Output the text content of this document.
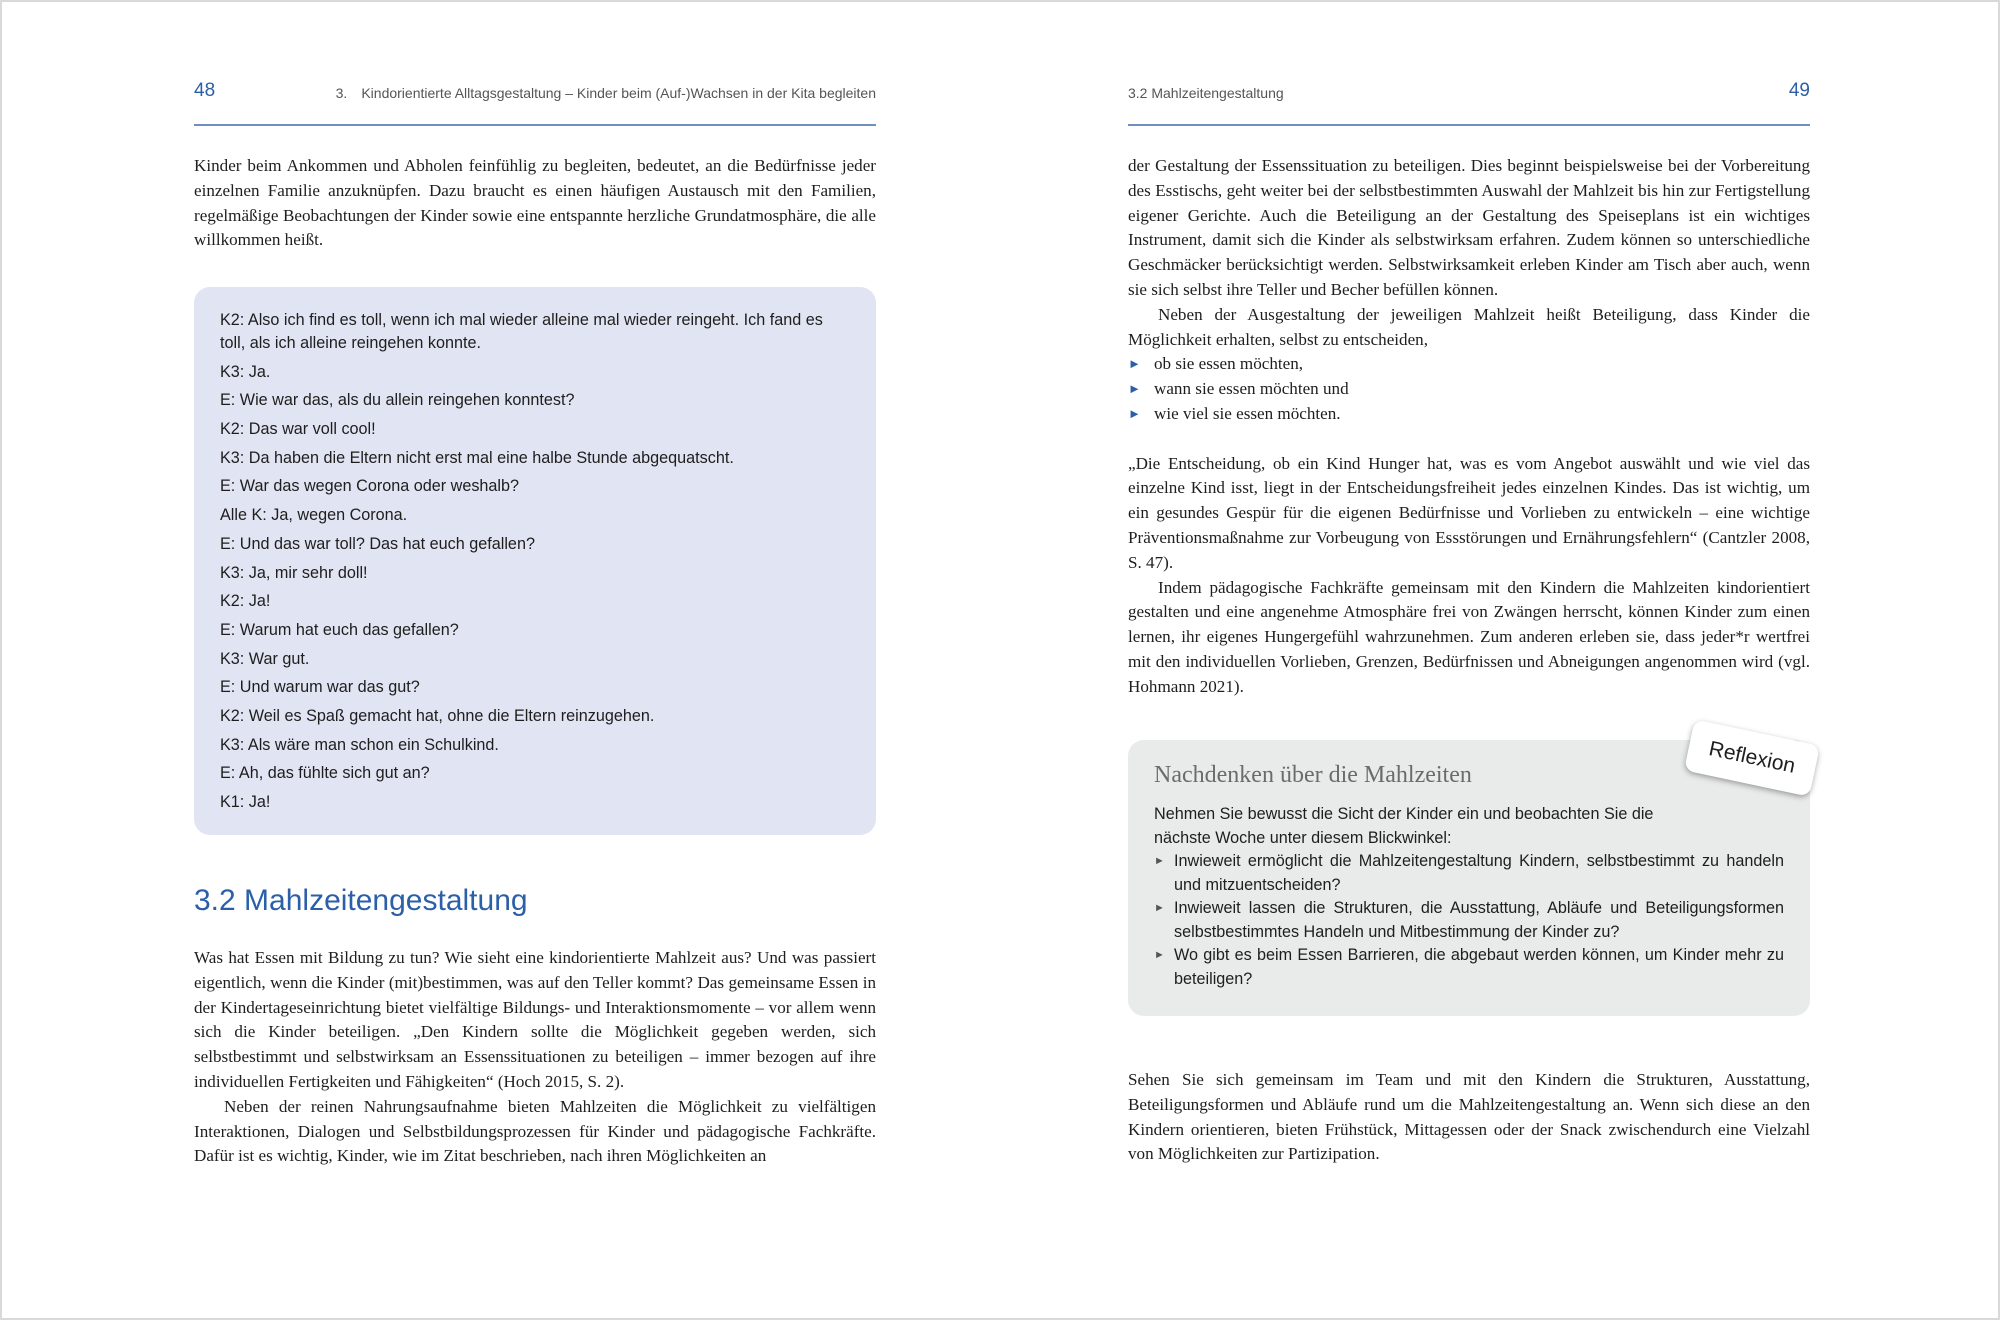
48	3. Kindorientierte Alltagsgestaltung – Kinder beim (Auf-)Wachsen in der Kita begleiten

Kinder beim Ankommen und Abholen feinfühlig zu begleiten, bedeutet, an die Bedürfnisse jeder einzelnen Familie anzuknüpfen. Dazu braucht es einen häufigen Austausch mit den Familien, regelmäßige Beobachtungen der Kinder sowie eine entspannte herzliche Grundatmosphäre, die alle willkommen heißt.

K2: Also ich find es toll, wenn ich mal wieder alleine mal wieder reingeht. Ich fand es toll, als ich alleine reingehen konnte.

K3: Ja.

E: Wie war das, als du allein reingehen konntest?

K2: Das war voll cool!

K3: Da haben die Eltern nicht erst mal eine halbe Stunde abgequatscht.

E: War das wegen Corona oder weshalb?

Alle K: Ja, wegen Corona.

E: Und das war toll? Das hat euch gefallen?

K3: Ja, mir sehr doll!

K2: Ja!

E: Warum hat euch das gefallen?

K3: War gut.

E: Und warum war das gut?

K2: Weil es Spaß gemacht hat, ohne die Eltern reinzugehen.

K3: Als wäre man schon ein Schulkind.

E: Ah, das fühlte sich gut an?

K1: Ja!

3.2 Mahlzeitengestaltung

Was hat Essen mit Bildung zu tun? Wie sieht eine kindorientierte Mahlzeit aus? Und was passiert eigentlich, wenn die Kinder (mit)bestimmen, was auf den Teller kommt? Das gemeinsame Essen in der Kindertageseinrichtung bietet vielfältige Bildungs- und Interaktionsmomente – vor allem wenn sich die Kinder beteiligen. „Den Kindern sollte die Möglichkeit gegeben werden, sich selbstbestimmt und selbstwirksam an Essenssituationen zu beteiligen – immer bezogen auf ihre individuellen Fertigkeiten und Fähigkeiten“ (Hoch 2015, S. 2).

Neben der reinen Nahrungsaufnahme bieten Mahlzeiten die Möglichkeit zu vielfältigen Interaktionen, Dialogen und Selbstbildungsprozessen für Kinder und pädagogische Fachkräfte. Dafür ist es wichtig, Kinder, wie im Zitat beschrieben, nach ihren Möglichkeiten an

3.2 Mahlzeitengestaltung	49

der Gestaltung der Essenssituation zu beteiligen. Dies beginnt beispielsweise bei der Vorbereitung des Esstischs, geht weiter bei der selbstbestimmten Auswahl der Mahlzeit bis hin zur Fertigstellung eigener Gerichte. Auch die Beteiligung an der Gestaltung des Speiseplans ist ein wichtiges Instrument, damit sich die Kinder als selbstwirksam erfahren. Zudem können so unterschiedliche Geschmäcker berücksichtigt werden. Selbstwirksamkeit erleben Kinder am Tisch aber auch, wenn sie sich selbst ihre Teller und Becher befüllen können.

Neben der Ausgestaltung der jeweiligen Mahlzeit heißt Beteiligung, dass Kinder die Möglichkeit erhalten, selbst zu entscheiden,

► ob sie essen möchten,
► wann sie essen möchten und
► wie viel sie essen möchten.

„Die Entscheidung, ob ein Kind Hunger hat, was es vom Angebot auswählt und wie viel das einzelne Kind isst, liegt in der Entscheidungsfreiheit jedes einzelnen Kindes. Das ist wichtig, um ein gesundes Gespür für die eigenen Bedürfnisse und Vorlieben zu entwickeln – eine wichtige Präventionsmaßnahme zur Vorbeugung von Essstörungen und Ernährungsfehlern“ (Cantzler 2008, S. 47).

Indem pädagogische Fachkräfte gemeinsam mit den Kindern die Mahlzeiten kindorientiert gestalten und eine angenehme Atmosphäre frei von Zwängen herrscht, können Kinder zum einen lernen, ihr eigenes Hungergefühl wahrzunehmen. Zum anderen erleben sie, dass jeder*r wertfrei mit den individuellen Vorlieben, Grenzen, Bedürfnissen und Abneigungen angenommen wird (vgl. Hohmann 2021).

Nachdenken über die Mahlzeiten

Nehmen Sie bewusst die Sicht der Kinder ein und beobachten Sie die nächste Woche unter diesem Blickwinkel:

► Inwieweit ermöglicht die Mahlzeitengestaltung Kindern, selbstbestimmt zu handeln und mitzuentscheiden?
► Inwieweit lassen die Strukturen, die Ausstattung, Abläufe und Beteiligungsformen selbstbestimmtes Handeln und Mitbestimmung der Kinder zu?
► Wo gibt es beim Essen Barrieren, die abgebaut werden können, um Kinder mehr zu beteiligen?
Reflexion

Sehen Sie sich gemeinsam im Team und mit den Kindern die Strukturen, Ausstattung, Beteiligungsformen und Abläufe rund um die Mahlzeitengestaltung an. Wenn sich diese an den Kindern orientieren, bieten Frühstück, Mittagessen oder der Snack zwischendurch eine Vielzahl von Möglichkeiten zur Partizipation.
